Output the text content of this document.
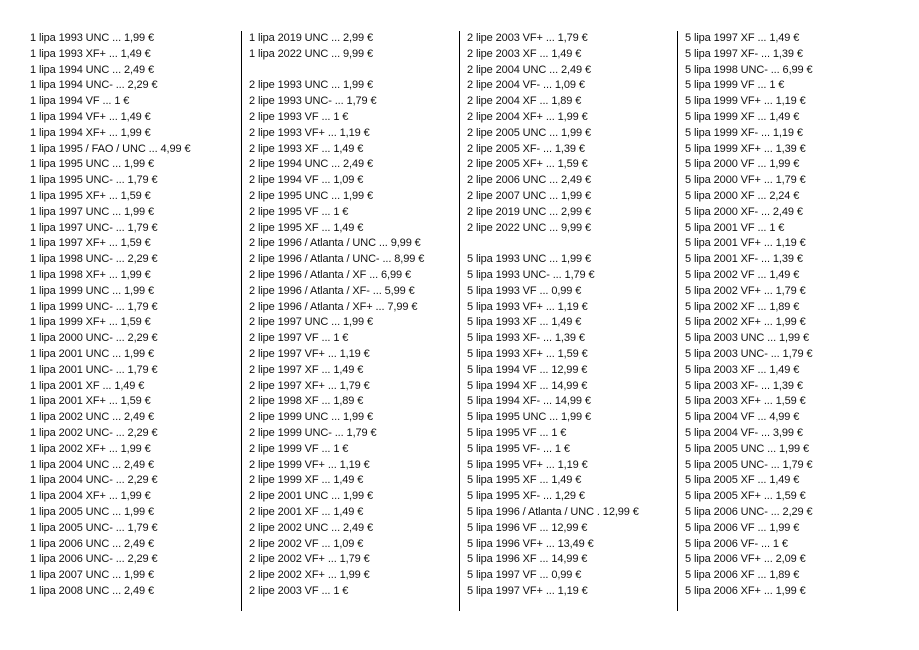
1 lipa 1993 UNC ... 1,99 €
1 lipa 1993 XF+ ... 1,49 €
1 lipa 1994 UNC ... 2,49 €
1 lipa 1994 UNC- ... 2,29 €
1 lipa 1994 VF ... 1 €
1 lipa 1994 VF+ ... 1,49 €
1 lipa 1994 XF+ ... 1,99 €
1 lipa 1995 / FAO / UNC ... 4,99 €
1 lipa 1995 UNC ... 1,99 €
1 lipa 1995 UNC- ... 1,79 €
1 lipa 1995 XF+ ... 1,59 €
1 lipa 1997 UNC ... 1,99 €
1 lipa 1997 UNC- ... 1,79 €
1 lipa 1997 XF+ ... 1,59 €
1 lipa 1998 UNC- ... 2,29 €
1 lipa 1998 XF+ ... 1,99 €
1 lipa 1999 UNC ... 1,99 €
1 lipa 1999 UNC- ... 1,79 €
1 lipa 1999 XF+ ... 1,59 €
1 lipa 2000 UNC- ... 2,29 €
1 lipa 2001 UNC ... 1,99 €
1 lipa 2001 UNC- ... 1,79 €
1 lipa 2001 XF ... 1,49 €
1 lipa 2001 XF+ ... 1,59 €
1 lipa 2002 UNC ... 2,49 €
1 lipa 2002 UNC- ... 2,29 €
1 lipa 2002 XF+ ... 1,99 €
1 lipa 2004 UNC ... 2,49 €
1 lipa 2004 UNC- ... 2,29 €
1 lipa 2004 XF+ ... 1,99 €
1 lipa 2005 UNC ... 1,99 €
1 lipa 2005 UNC- ... 1,79 €
1 lipa 2006 UNC ... 2,49 €
1 lipa 2006 UNC- ... 2,29 €
1 lipa 2007 UNC ... 1,99 €
1 lipa 2008 UNC ... 2,49 €
1 lipa 2019 UNC ... 2,99 €
1 lipa 2022 UNC ... 9,99 €
2 lipe 1993 UNC ... 1,99 €
2 lipe 1993 UNC- ... 1,79 €
2 lipe 1993 VF ... 1 €
2 lipe 1993 VF+ ... 1,19 €
2 lipe 1993 XF ... 1,49 €
2 lipe 1994 UNC ... 2,49 €
2 lipe 1994 VF ... 1,09 €
2 lipe 1995 UNC ... 1,99 €
2 lipe 1995 VF ... 1 €
2 lipe 1995 XF ... 1,49 €
2 lipe 1996 / Atlanta / UNC ... 9,99 €
2 lipe 1996 / Atlanta / UNC- ... 8,99 €
2 lipe 1996 / Atlanta / XF ... 6,99 €
2 lipe 1996 / Atlanta / XF- ... 5,99 €
2 lipe 1996 / Atlanta / XF+ ... 7,99 €
2 lipe 1997 UNC ... 1,99 €
2 lipe 1997 VF ... 1 €
2 lipe 1997 VF+ ... 1,19 €
2 lipe 1997 XF ... 1,49 €
2 lipe 1997 XF+ ... 1,79 €
2 lipe 1998 XF ... 1,89 €
2 lipe 1999 UNC ... 1,99 €
2 lipe 1999 UNC- ... 1,79 €
2 lipe 1999 VF ... 1 €
2 lipe 1999 VF+ ... 1,19 €
2 lipe 1999 XF ... 1,49 €
2 lipe 2001 UNC ... 1,99 €
2 lipe 2001 XF ... 1,49 €
2 lipe 2002 UNC ... 2,49 €
2 lipe 2002 VF ... 1,09 €
2 lipe 2002 VF+ ... 1,79 €
2 lipe 2002 XF+ ... 1,99 €
2 lipe 2003 VF ... 1 €
2 lipe 2003 VF+ ... 1,79 €
2 lipe 2003 XF ... 1,49 €
2 lipe 2004 UNC ... 2,49 €
2 lipe 2004 VF- ... 1,09 €
2 lipe 2004 XF ... 1,89 €
2 lipe 2004 XF+ ... 1,99 €
2 lipe 2005 UNC ... 1,99 €
2 lipe 2005 XF- ... 1,39 €
2 lipe 2005 XF+ ... 1,59 €
2 lipe 2006 UNC ... 2,49 €
2 lipe 2007 UNC ... 1,99 €
2 lipe 2019 UNC ... 2,99 €
2 lipe 2022 UNC ... 9,99 €
5 lipa 1993 UNC ... 1,99 €
5 lipa 1993 UNC- ... 1,79 €
5 lipa 1993 VF ... 0,99 €
5 lipa 1993 VF+ ... 1,19 €
5 lipa 1993 XF ... 1,49 €
5 lipa 1993 XF- ... 1,39 €
5 lipa 1993 XF+ ... 1,59 €
5 lipa 1994 VF ... 12,99 €
5 lipa 1994 XF ... 14,99 €
5 lipa 1994 XF- ... 14,99 €
5 lipa 1995 UNC ... 1,99 €
5 lipa 1995 VF ... 1 €
5 lipa 1995 VF- ... 1 €
5 lipa 1995 VF+ ... 1,19 €
5 lipa 1995 XF ... 1,49 €
5 lipa 1995 XF- ... 1,29 €
5 lipa 1996 / Atlanta / UNC . 12,99 €
5 lipa 1996 VF ... 12,99 €
5 lipa 1996 VF+ ... 13,49 €
5 lipa 1996 XF ... 14,99 €
5 lipa 1997 VF ... 0,99 €
5 lipa 1997 VF+ ... 1,19 €
5 lipa 1997 XF ... 1,49 €
5 lipa 1997 XF- ... 1,39 €
5 lipa 1998 UNC- ... 6,99 €
5 lipa 1999 VF ... 1 €
5 lipa 1999 VF+ ... 1,19 €
5 lipa 1999 XF ... 1,49 €
5 lipa 1999 XF- ... 1,19 €
5 lipa 1999 XF+ ... 1,39 €
5 lipa 2000 VF ... 1,99 €
5 lipa 2000 VF+ ... 1,79 €
5 lipa 2000 XF ... 2,24 €
5 lipa 2000 XF- ... 2,49 €
5 lipa 2001 VF ... 1 €
5 lipa 2001 VF+ ... 1,19 €
5 lipa 2001 XF- ... 1,39 €
5 lipa 2002 VF ... 1,49 €
5 lipa 2002 VF+ ... 1,79 €
5 lipa 2002 XF ... 1,89 €
5 lipa 2002 XF+ ... 1,99 €
5 lipa 2003 UNC ... 1,99 €
5 lipa 2003 UNC- ... 1,79 €
5 lipa 2003 XF ... 1,49 €
5 lipa 2003 XF- ... 1,39 €
5 lipa 2003 XF+ ... 1,59 €
5 lipa 2004 VF ... 4,99 €
5 lipa 2004 VF- ... 3,99 €
5 lipa 2005 UNC ... 1,99 €
5 lipa 2005 UNC- ... 1,79 €
5 lipa 2005 XF ... 1,49 €
5 lipa 2005 XF+ ... 1,59 €
5 lipa 2006 UNC- ... 2,29 €
5 lipa 2006 VF ... 1,99 €
5 lipa 2006 VF- ... 1 €
5 lipa 2006 VF+ ... 2,09 €
5 lipa 2006 XF ... 1,89 €
5 lipa 2006 XF+ ... 1,99 €
